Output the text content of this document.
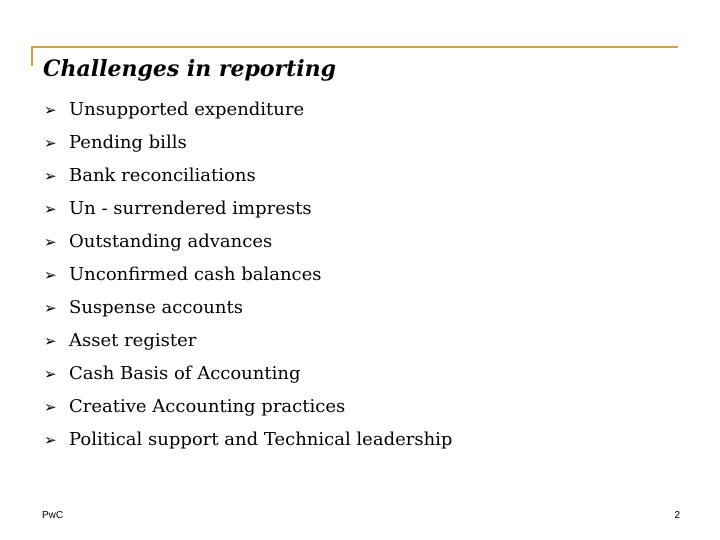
Challenges in reporting
➢ Unsupported expenditure
➢ Pending bills
➢ Bank reconciliations
➢ Un - surrendered imprests
➢ Outstanding advances
➢ Unconfirmed cash balances
➢ Suspense accounts
➢ Asset register
➢ Cash Basis of Accounting
➢ Creative Accounting practices
➢ Political support and Technical leadership
PwC	2
